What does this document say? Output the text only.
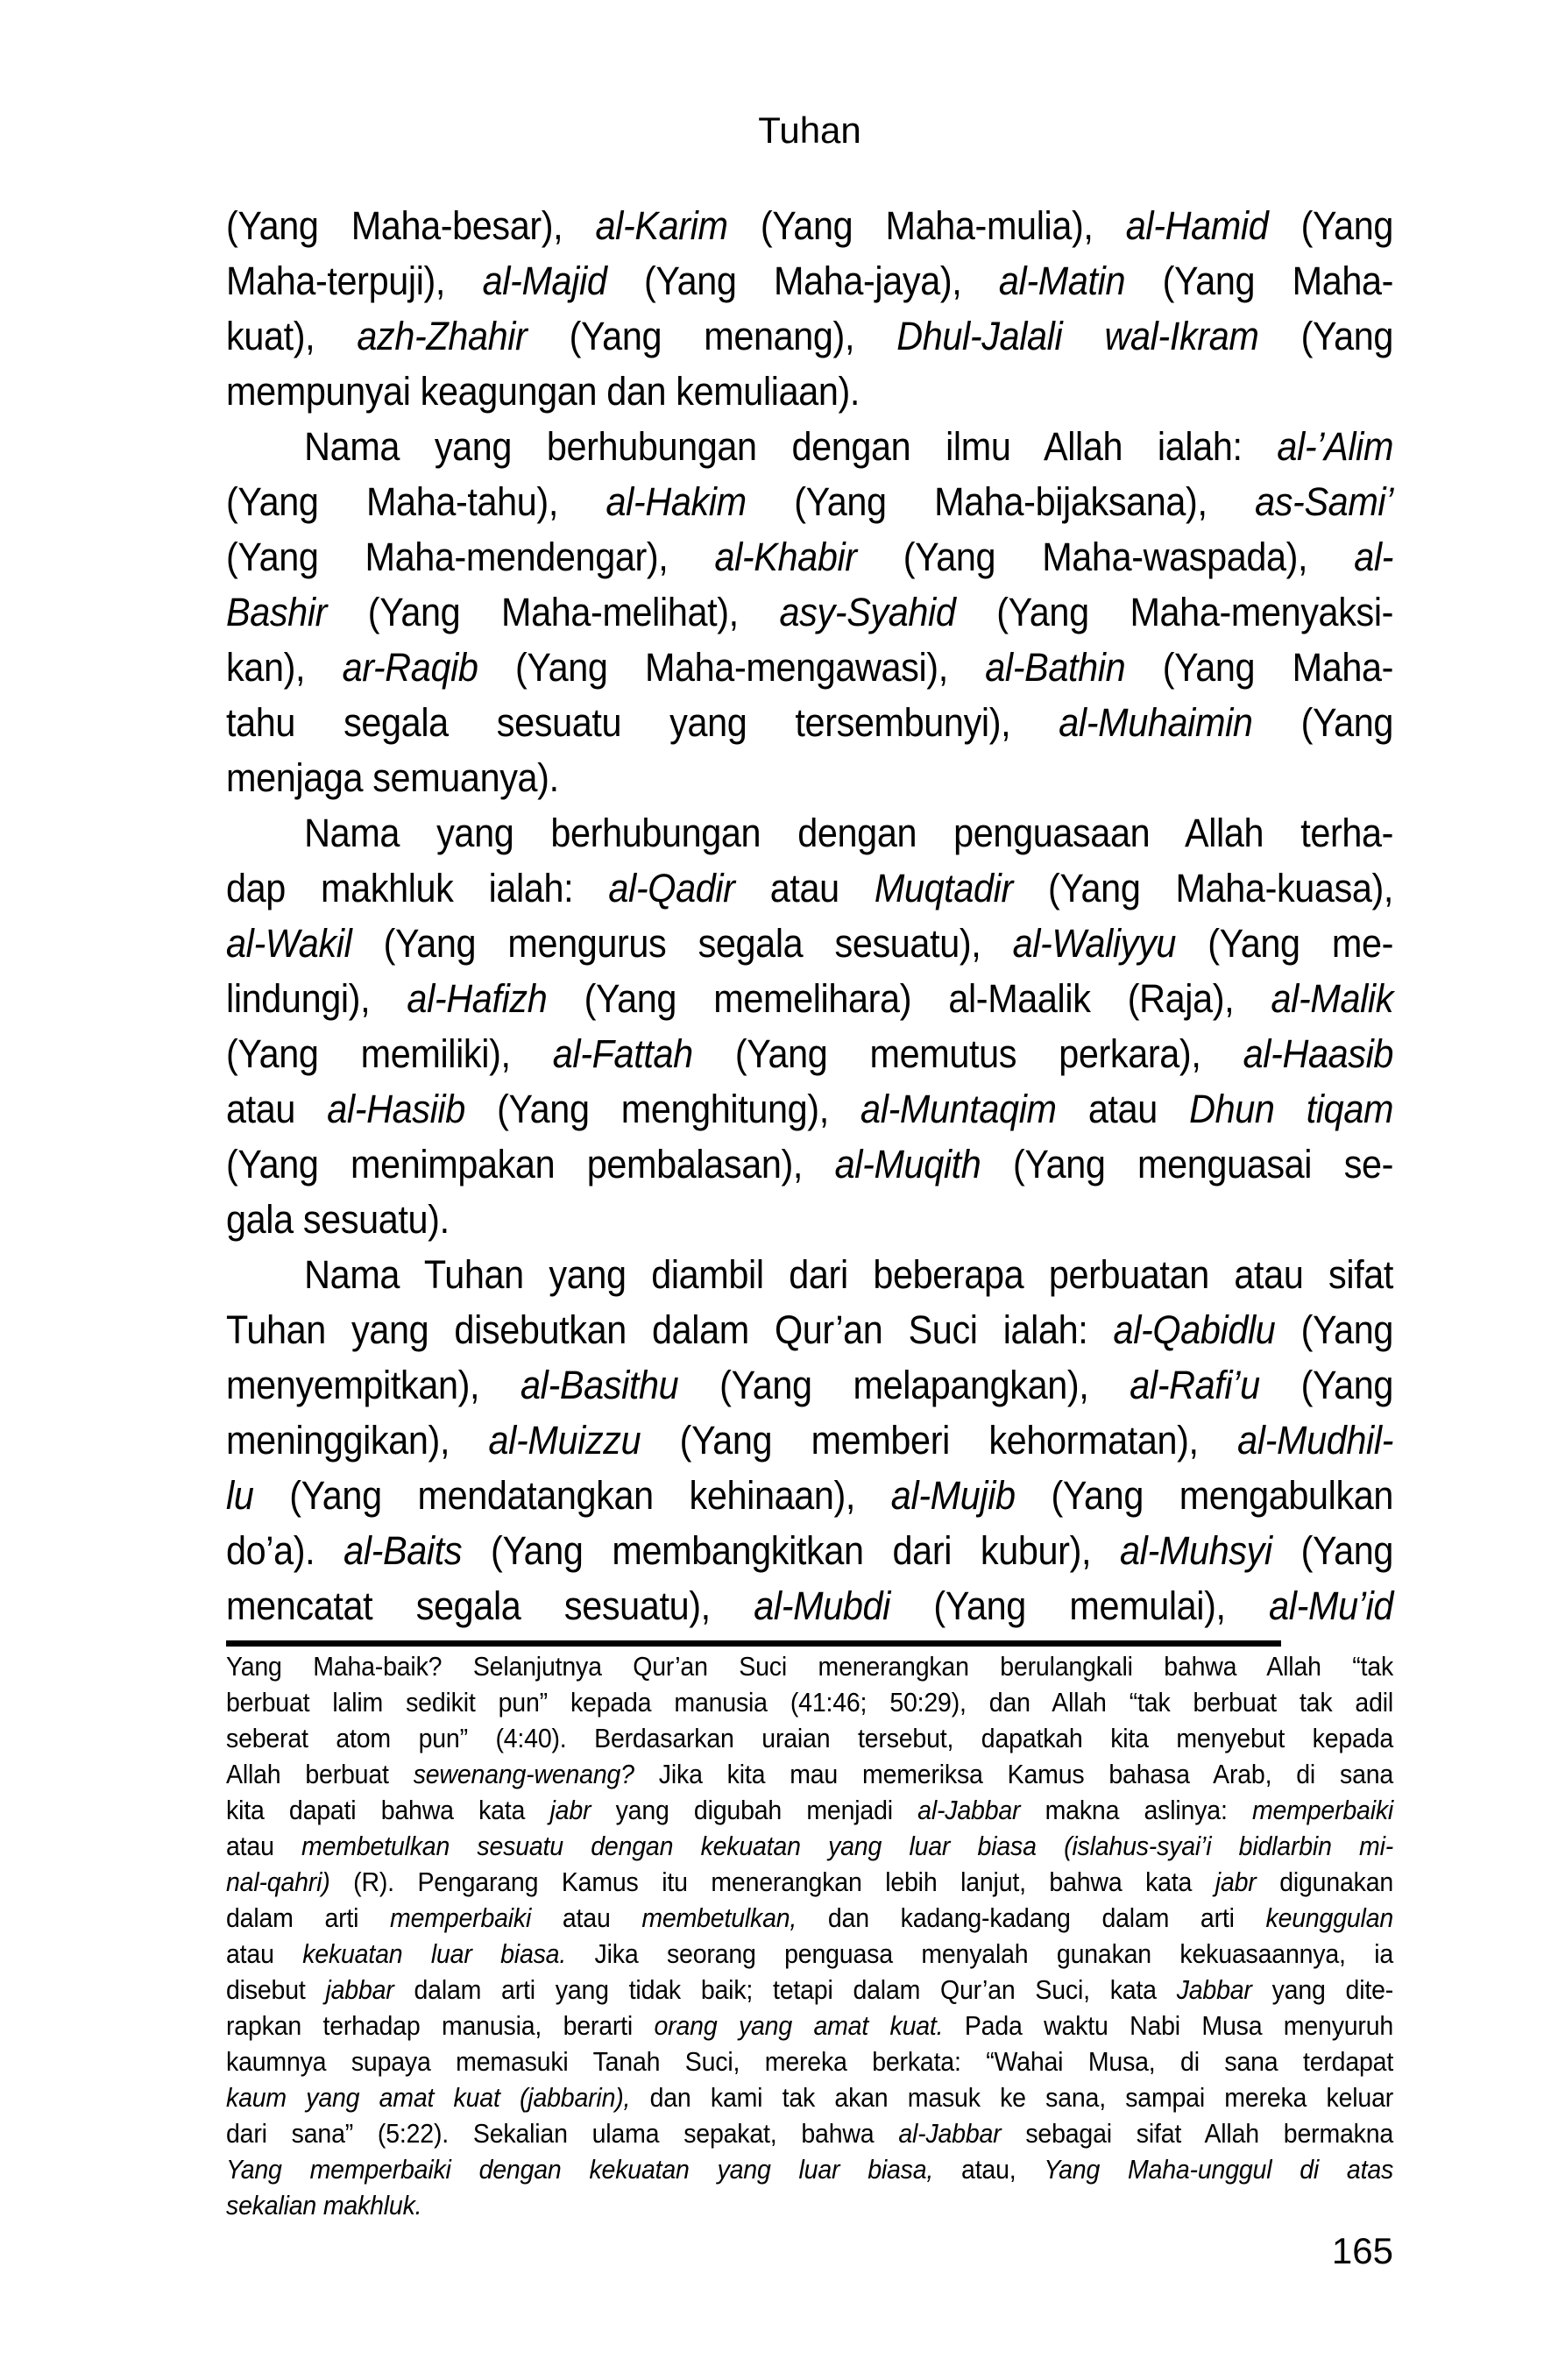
Tuhan
(Yang Maha-besar), al-Karim (Yang Maha-mulia), al-Hamid (Yang
Maha-terpuji), al-Majid (Yang Maha-jaya), al-Matin (Yang Maha-
kuat), azh-Zhahir (Yang menang), Dhul-Jalali wal-Ikram (Yang
mempunyai keagungan dan kemuliaan).
Nama yang berhubungan dengan ilmu Allah ialah: al-’Alim
(Yang Maha-tahu), al-Hakim (Yang Maha-bijaksana), as-Sami’
(Yang Maha-mendengar), al-Khabir (Yang Maha-waspada), al-
Bashir (Yang Maha-melihat), asy-Syahid (Yang Maha-menyaksi-
kan), ar-Raqib (Yang Maha-mengawasi), al-Bathin (Yang Maha-
tahu segala sesuatu yang tersembunyi), al-Muhaimin (Yang
menjaga semuanya).
Nama yang berhubungan dengan penguasaan Allah terha-
dap makhluk ialah: al-Qadir atau Muqtadir (Yang Maha-kuasa),
al-Wakil (Yang mengurus segala sesuatu), al-Waliyyu (Yang me-
lindungi), al-Hafizh (Yang memelihara) al-Maalik (Raja), al-Malik
(Yang memiliki), al-Fattah (Yang memutus perkara), al-Haasib
atau al-Hasiib (Yang menghitung), al-Muntaqim atau Dhun tiqam
(Yang menimpakan pembalasan), al-Muqith (Yang menguasai se-
gala sesuatu).
Nama Tuhan yang diambil dari beberapa perbuatan atau sifat
Tuhan yang disebutkan dalam Qur’an Suci ialah: al-Qabidlu (Yang
menyempitkan), al-Basithu (Yang melapangkan), al-Rafi’u (Yang
meninggikan), al-Muizzu (Yang memberi kehormatan), al-Mudhil-
lu (Yang mendatangkan kehinaan), al-Mujib (Yang mengabulkan
do’a). al-Baits (Yang membangkitkan dari kubur), al-Muhsyi (Yang
mencatat segala sesuatu), al-Mubdi (Yang memulai), al-Mu’id
Yang Maha-baik? Selanjutnya Qur’an Suci menerangkan berulangkali bahwa Allah “tak
berbuat lalim sedikit pun” kepada manusia (41:46; 50:29), dan Allah “tak berbuat tak adil
seberat atom pun” (4:40). Berdasarkan uraian tersebut, dapatkah kita menyebut kepada
Allah berbuat sewenang-wenang? Jika kita mau memeriksa Kamus bahasa Arab, di sana
kita dapati bahwa kata jabr yang digubah menjadi al-Jabbar makna aslinya: memperbaiki
atau membetulkan sesuatu dengan kekuatan yang luar biasa (islahus-syai’i bidlarbin mi-
nal-qahri) (R). Pengarang Kamus itu menerangkan lebih lanjut, bahwa kata jabr digunakan
dalam arti memperbaiki atau membetulkan, dan kadang-kadang dalam arti keunggulan
atau kekuatan luar biasa. Jika seorang penguasa menyalah gunakan kekuasaannya, ia
disebut jabbar dalam arti yang tidak baik; tetapi dalam Qur’an Suci, kata Jabbar yang dite-
rapkan terhadap manusia, berarti orang yang amat kuat. Pada waktu Nabi Musa menyuruh
kaumnya supaya memasuki Tanah Suci, mereka berkata: “Wahai Musa, di sana terdapat
kaum yang amat kuat (jabbarin), dan kami tak akan masuk ke sana, sampai mereka keluar
dari sana” (5:22). Sekalian ulama sepakat, bahwa al-Jabbar sebagai sifat Allah bermakna
Yang memperbaiki dengan kekuatan yang luar biasa, atau, Yang Maha-unggul di atas
sekalian makhluk.
165
